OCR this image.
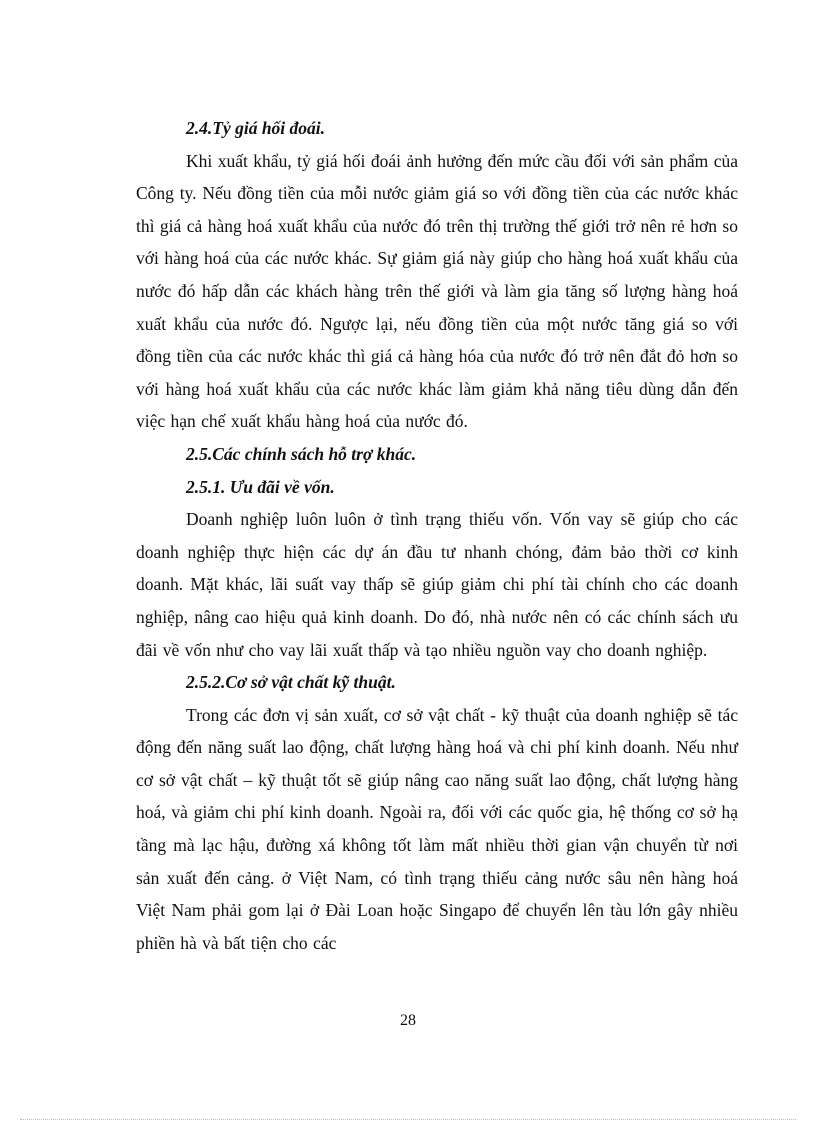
2.4.Tỷ giá hối đoái.

Khi xuất khẩu, tỷ giá hối đoái ảnh hưởng đến mức cầu đối với sản phẩm của Công ty. Nếu đồng tiền của mỗi nước giảm giá so với đồng tiền của các nước khác thì giá cả hàng hoá xuất khẩu của nước đó trên thị trường thế giới trở nên rẻ hơn so với hàng hoá của các nước khác. Sự giảm giá này giúp cho hàng hoá xuất khẩu của nước đó hấp dẫn các khách hàng trên thế giới và làm gia tăng số lượng hàng hoá xuất khẩu của nước đó. Ngược lại, nếu đồng tiền của một nước tăng giá so với đồng tiền của các nước khác thì giá cả hàng hóa của nước đó trở nên đắt đỏ hơn so với hàng hoá xuất khẩu của các nước khác làm giảm khả năng tiêu dùng dẫn đến việc hạn chế xuất khẩu hàng hoá của nước đó.

2.5.Các chính sách hỗ trợ khác.

2.5.1. Ưu đãi về vốn.

Doanh nghiệp luôn luôn ở tình trạng thiếu vốn. Vốn vay sẽ giúp cho các doanh nghiệp thực hiện các dự án đầu tư nhanh chóng, đảm bảo thời cơ kinh doanh. Mặt khác, lãi suất vay thấp sẽ giúp giảm chi phí tài chính cho các doanh nghiệp, nâng cao hiệu quả kinh doanh. Do đó, nhà nước nên có các chính sách ưu đãi về vốn như cho vay lãi xuất thấp và tạo nhiều nguồn vay cho doanh nghiệp.

2.5.2.Cơ sở vật chất kỹ thuật.

Trong các đơn vị sản xuất, cơ sở vật chất - kỹ thuật của doanh nghiệp sẽ tác động đến năng suất lao động, chất lượng hàng hoá và chi phí kinh doanh. Nếu như cơ sở vật chất – kỹ thuật tốt sẽ giúp nâng cao năng suất lao động, chất lượng hàng hoá, và giảm chi phí kinh doanh. Ngoài ra, đối với các quốc gia, hệ thống cơ sở hạ tầng mà lạc hậu, đường xá không tốt làm mất nhiều thời gian vận chuyển từ nơi sản xuất đến cảng. ở Việt Nam, có tình trạng thiếu cảng nước sâu nên hàng hoá Việt Nam phải gom lại ở Đài Loan hoặc Singapo để chuyển lên tàu lớn gây nhiều phiền hà và bất tiện cho các

28
